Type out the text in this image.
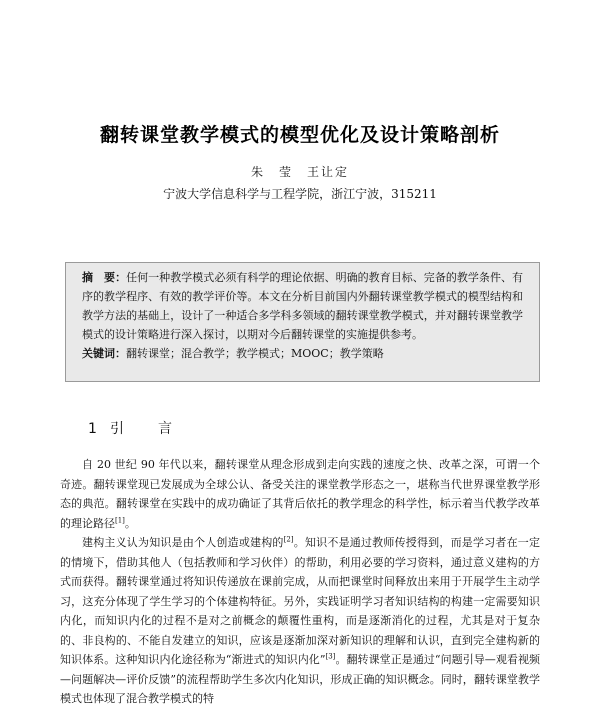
翻转课堂教学模式的模型优化及设计策略剖析
朱　莹　王让定
宁波大学信息科学与工程学院，浙江宁波，315211
摘　要：任何一种教学模式必须有科学的理论依据、明确的教育目标、完备的教学条件、有序的教学程序、有效的教学评价等。本文在分析目前国内外翻转课堂教学模式的模型结构和教学方法的基础上，设计了一种适合多学科多领域的翻转课堂教学模式，并对翻转课堂教学模式的设计策略进行深入探讨，以期对今后翻转课堂的实施提供参考。
关键词：翻转课堂；混合教学；教学模式；MOOC；教学策略
1 引　言

自 20 世纪 90 年代以来，翻转课堂从理念形成到走向实践的速度之快、改革之深，可谓一个奇迹。翻转课堂现已发展成为全球公认、备受关注的课堂教学形态之一，堪称当代世界课堂教学形态的典范。翻转课堂在实践中的成功确证了其背后依托的教学理念的科学性，标示着当代教学改革的理论路径[1]。

建构主义认为知识是由个人创造或建构的[2]。知识不是通过教师传授得到，而是学习者在一定的情境下，借助其他人（包括教师和学习伙伴）的帮助，利用必要的学习资料，通过意义建构的方式而获得。翻转课堂通过将知识传递放在课前完成，从而把课堂时间释放出来用于开展学生主动学习，这充分体现了学生学习的个体建构特征。另外，实践证明学习者知识结构的构建一定需要知识内化，而知识内化的过程不是对之前概念的颠覆性重构，而是逐渐消化的过程，尤其是对于复杂的、非良构的、不能自发建立的知识，应该是逐渐加深对新知识的理解和认识，直到完全建构新的知识体系。这种知识内化途径称为“渐进式的知识内化”[3]。翻转课堂正是通过“问题引导—观看视频—问题解决—评价反馈”的流程帮助学生多次内化知识，形成正确的知识概念。同时，翻转课堂教学模式也体现了混合教学模式的特
